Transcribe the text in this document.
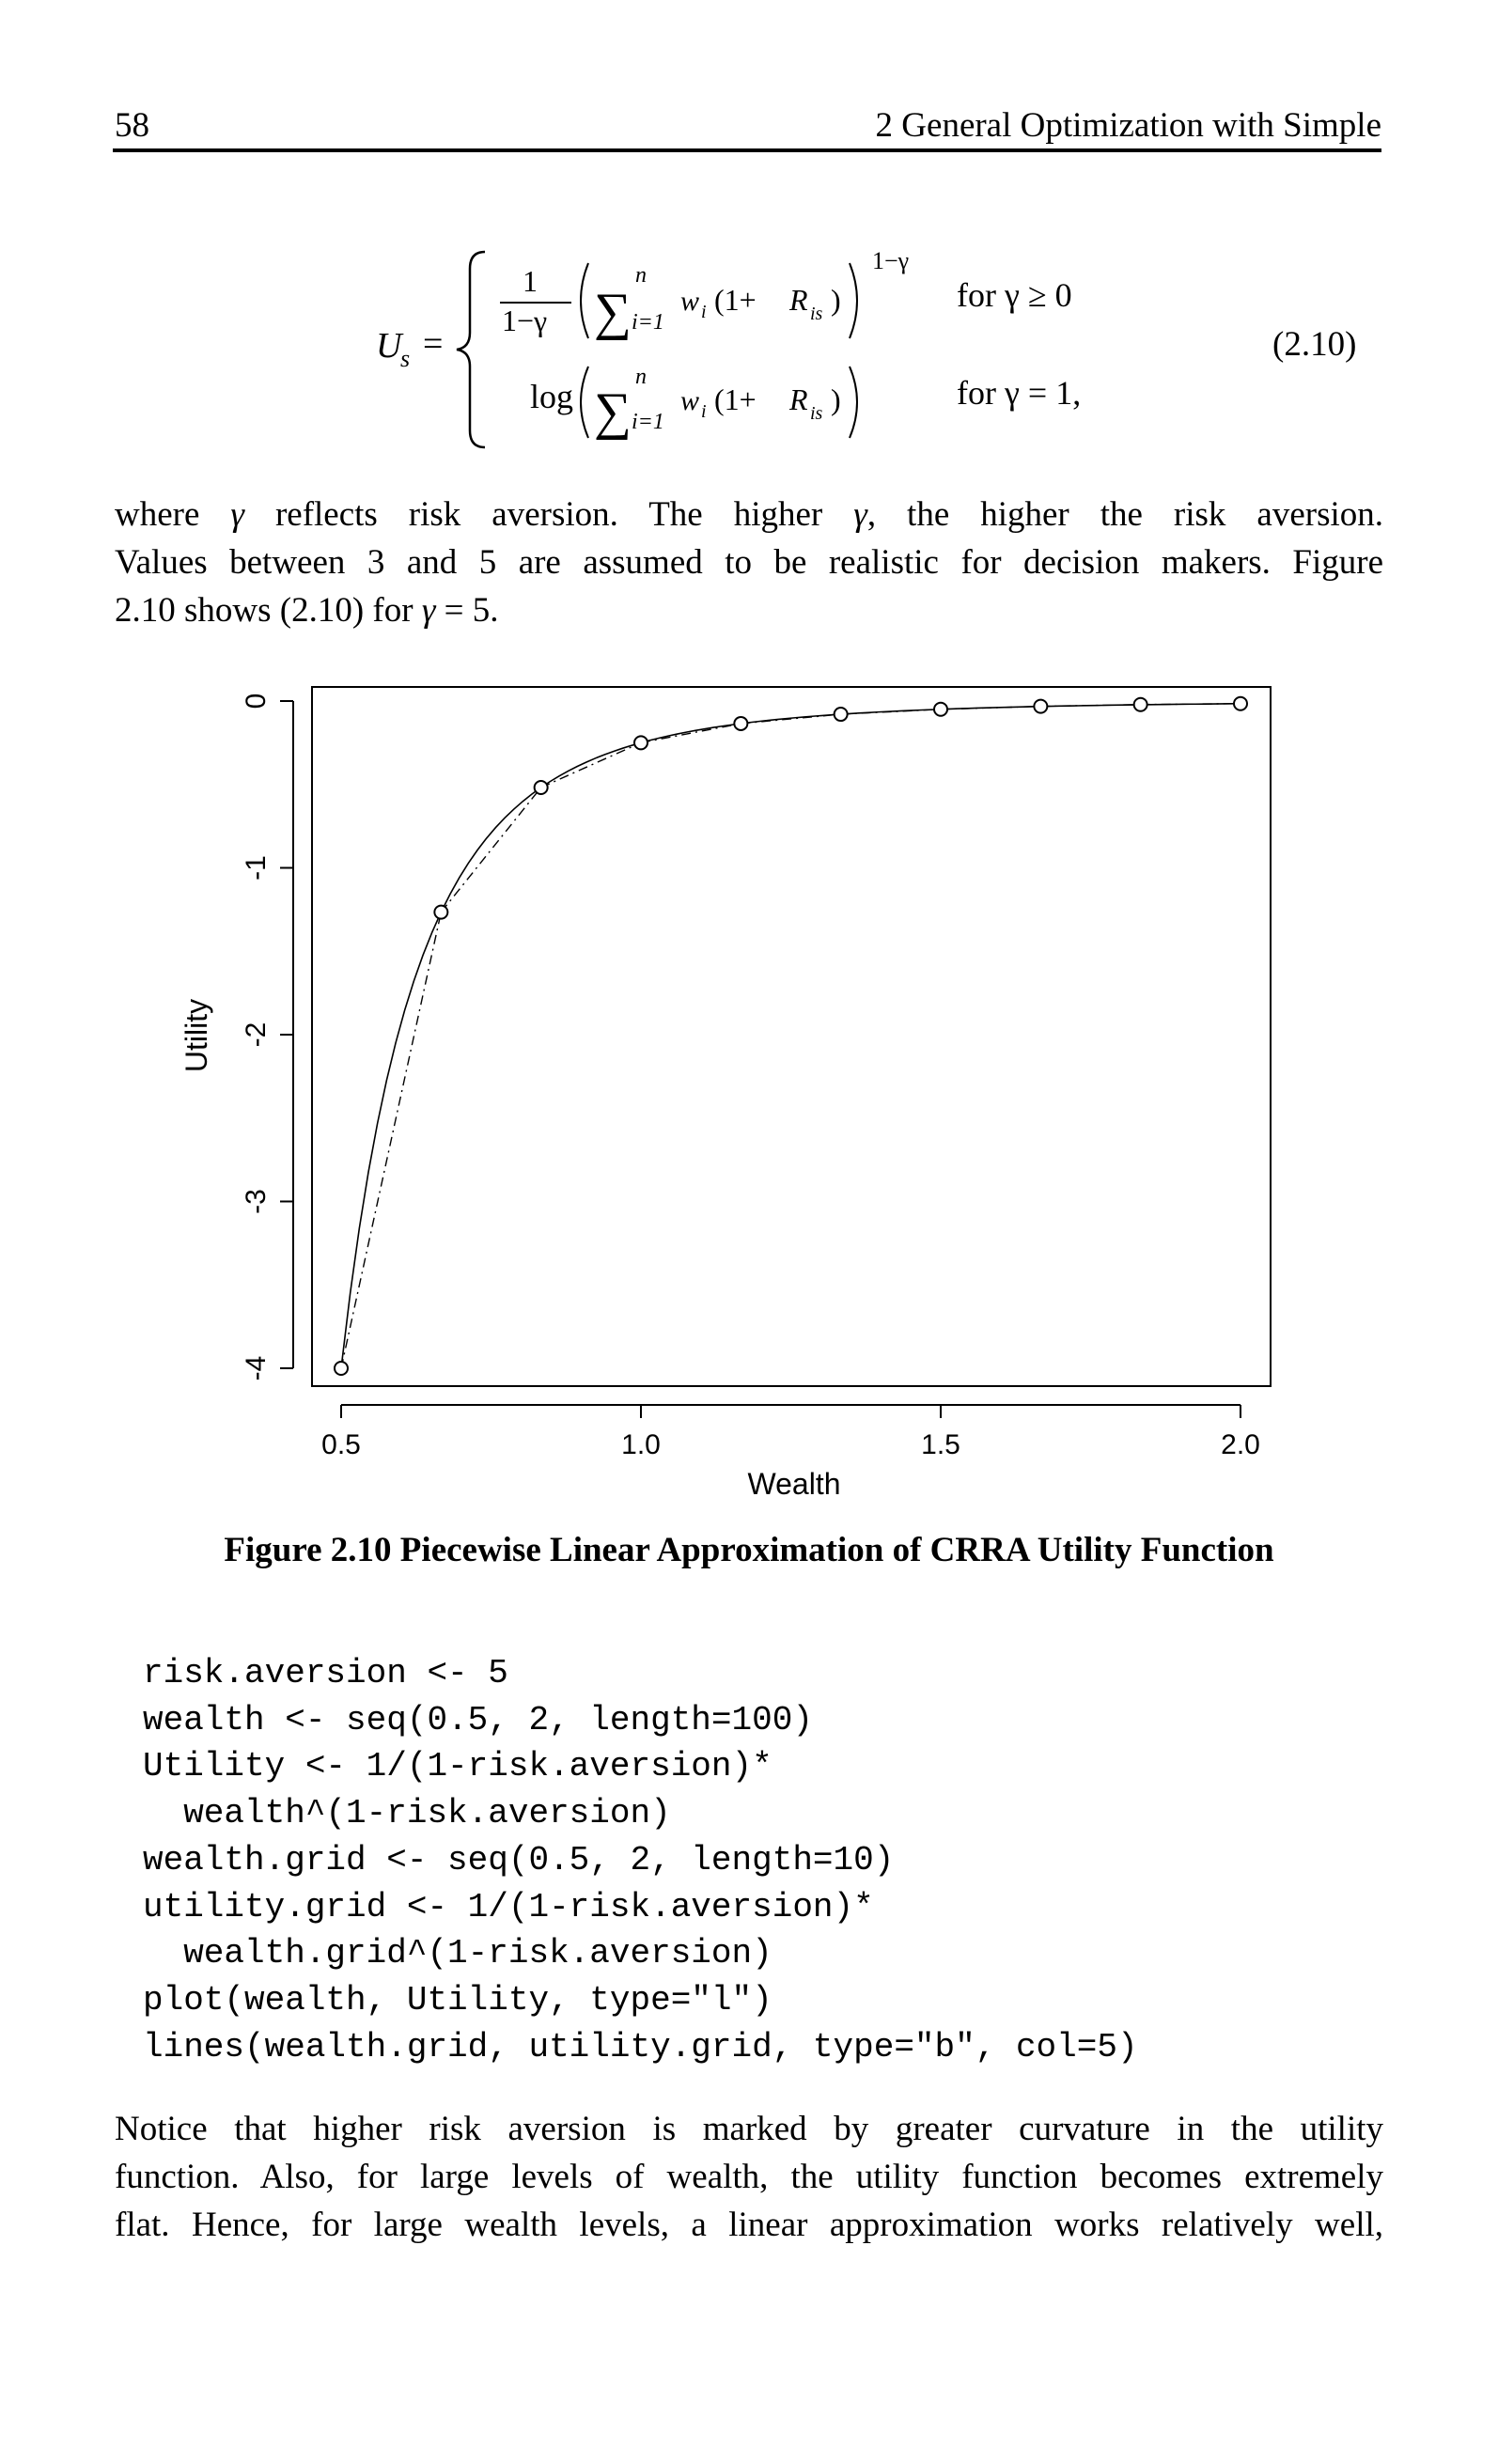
58	2 General Optimization with Simple
U
s =
1
1−γ ∑
n
i=1
w i (1+ R is )
1−γ
for γ ≥ 0
log ∑
n
i=1
w i (1+ R is )	for γ = 1,
(2.10)

where γ reflects risk aversion. The higher γ, the higher the risk aversion.
Values between 3 and 5 are assumed to be realistic for decision makers. Figure
2.10 shows (2.10) for γ = 5.

0.5	1.0	1.5	2.0
0
-1
-2
-3
-4
Wealth
Utility

Figure 2.10 Piecewise Linear Approximation of CRRA Utility Function

risk.aversion <- 5
wealth <- seq(0.5, 2, length=100)
Utility <- 1/(1-risk.aversion)*
wealth^(1-risk.aversion)
wealth.grid <- seq(0.5, 2, length=10)
utility.grid <- 1/(1-risk.aversion)*
wealth.grid^(1-risk.aversion)
plot(wealth, Utility, type="l")
lines(wealth.grid, utility.grid, type="b", col=5)

Notice that higher risk aversion is marked by greater curvature in the utility
function. Also, for large levels of wealth, the utility function becomes extremely
flat. Hence, for large wealth levels, a linear approximation works relatively well,
